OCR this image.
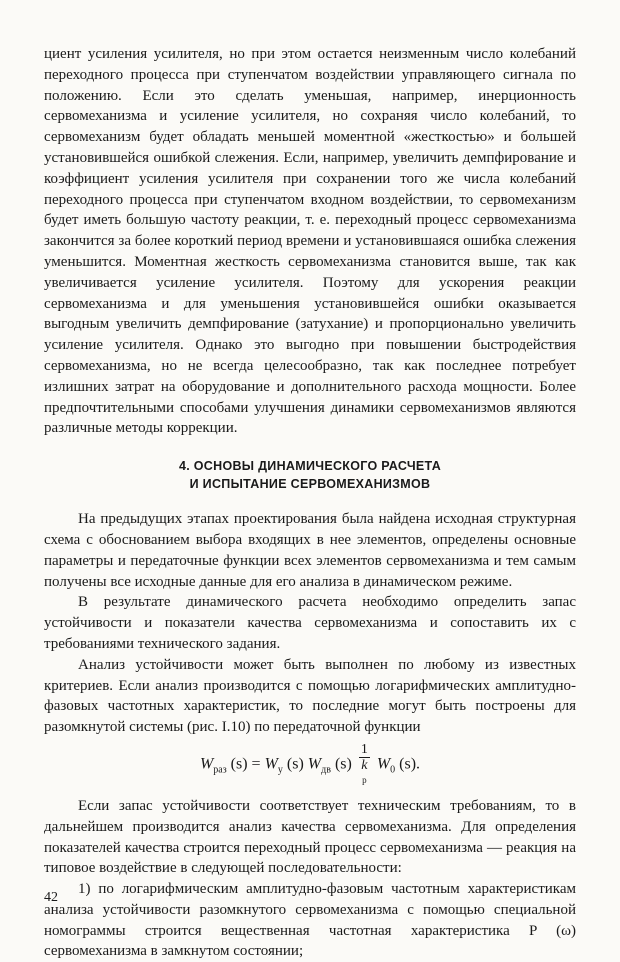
циент усиления усилителя, но при этом остается неизменным число колебаний переходного процесса при ступенчатом воздействии управляющего сигнала по положению. Если это сделать уменьшая, например, инерционность сервомеханизма и усиление усилителя, но сохраняя число колебаний, то сервомеханизм будет обладать меньшей моментной «жесткостью» и большей установившейся ошибкой слежения. Если, например, увеличить демпфирование и коэффициент усиления усилителя при сохранении того же числа колебаний переходного процесса при ступенчатом входном воздействии, то сервомеханизм будет иметь большую частоту реакции, т. е. переходный процесс сервомеханизма закончится за более короткий период времени и установившаяся ошибка слежения уменьшится. Моментная жесткость сервомеханизма становится выше, так как увеличивается усиление усилителя. Поэтому для ускорения реакции сервомеханизма и для уменьшения установившейся ошибки оказывается выгодным увеличить демпфирование (затухание) и пропорционально увеличить усиление усилителя. Однако это выгодно при повышении быстродействия сервомеханизма, но не всегда целесообразно, так как последнее потребует излишних затрат на оборудование и дополнительного расхода мощности. Более предпочтительными способами улучшения динамики сервомеханизмов являются различные методы коррекции.

4. ОСНОВЫ ДИНАМИЧЕСКОГО РАСЧЕТА
И ИСПЫТАНИЕ СЕРВОМЕХАНИЗМОВ

На предыдущих этапах проектирования была найдена исходная структурная схема с обоснованием выбора входящих в нее элементов, определены основные параметры и передаточные функции всех элементов сервомеханизма и тем самым получены все исходные данные для его анализа в динамическом режиме.

В результате динамического расчета необходимо определить запас устойчивости и показатели качества сервомеханизма и сопоставить их с требованиями технического задания.

Анализ устойчивости может быть выполнен по любому из известных критериев. Если анализ производится с помощью логарифмических амплитудно-фазовых частотных характеристик, то последние могут быть построены для разомкнутой системы (рис. I.10) по передаточной функции

$W_{раз}$ $(s) = W_у$ (s) $W_{дв}$ (s) 1
k
р $W_0$ (s).

Если запас устойчивости соответствует техническим требованиям, то в дальнейшем производится анализ качества сервомеханизма. Для определения показателей качества строится переходный процесс сервомеханизма — реакция на типовое воздействие в следующей последовательности:

1) по логарифмическим амплитудно-фазовым частотным характеристикам анализа устойчивости разомкнутого сервомеханизма с помощью специальной номограммы строится вещественная частотная характеристика P (ω) сервомеханизма в замкнутом состоянии;

42
